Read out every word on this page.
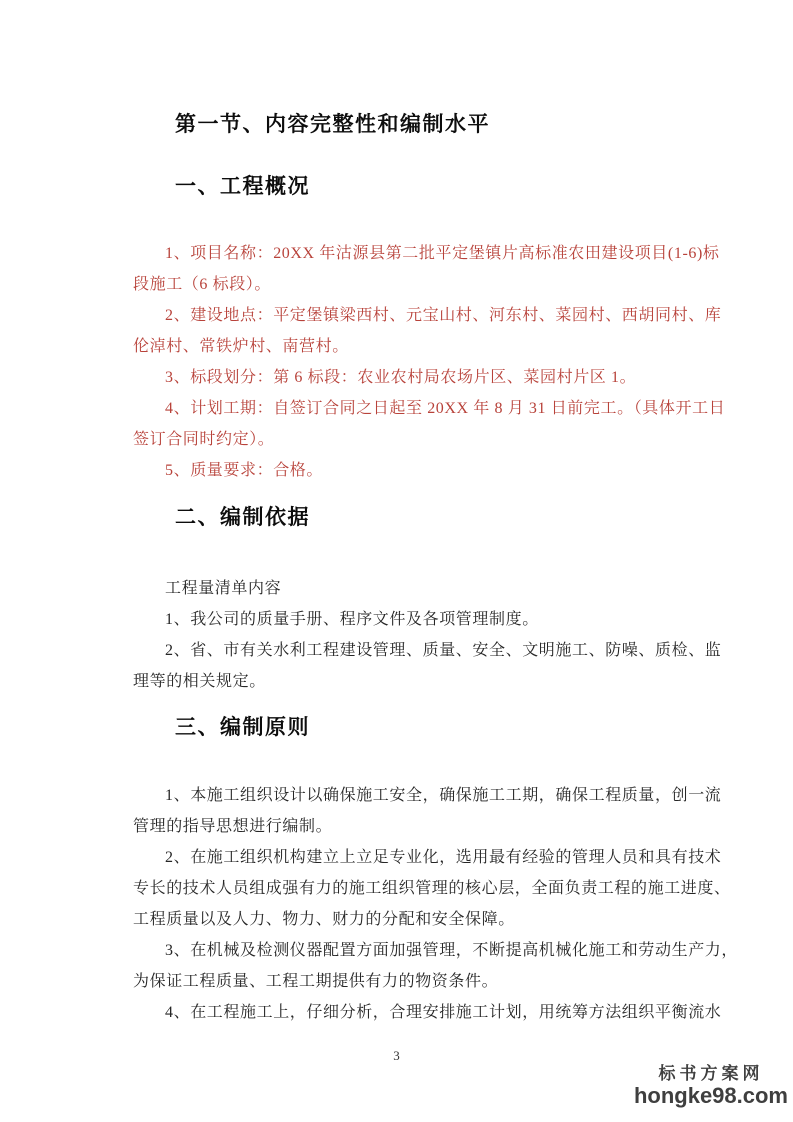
第一节、内容完整性和编制水平
一、工程概况
1、项目名称：20XX 年沽源县第二批平定堡镇片高标准农田建设项目(1-6)标
段施工（6 标段）。
2、建设地点：平定堡镇梁西村、元宝山村、河东村、菜园村、西胡同村、库
伦淖村、常铁炉村、南营村。
3、标段划分：第 6 标段：农业农村局农场片区、菜园村片区 1。
4、计划工期：自签订合同之日起至 20XX 年 8 月 31 日前完工。（具体开工日
签订合同时约定）。
5、质量要求：合格。
二、编制依据
工程量清单内容
1、我公司的质量手册、程序文件及各项管理制度。
2、省、市有关水利工程建设管理、质量、安全、文明施工、防噪、质检、监
理等的相关规定。
三、编制原则
1、本施工组织设计以确保施工安全，确保施工工期，确保工程质量，创一流
管理的指导思想进行编制。
2、在施工组织机构建立上立足专业化，选用最有经验的管理人员和具有技术
专长的技术人员组成强有力的施工组织管理的核心层，全面负责工程的施工进度、
工程质量以及人力、物力、财力的分配和安全保障。
3、在机械及检测仪器配置方面加强管理，不断提高机械化施工和劳动生产力，
为保证工程质量、工程工期提供有力的物资条件。
4、在工程施工上，仔细分析，合理安排施工计划，用统筹方法组织平衡流水
3
标书方案网
hongke98.com
